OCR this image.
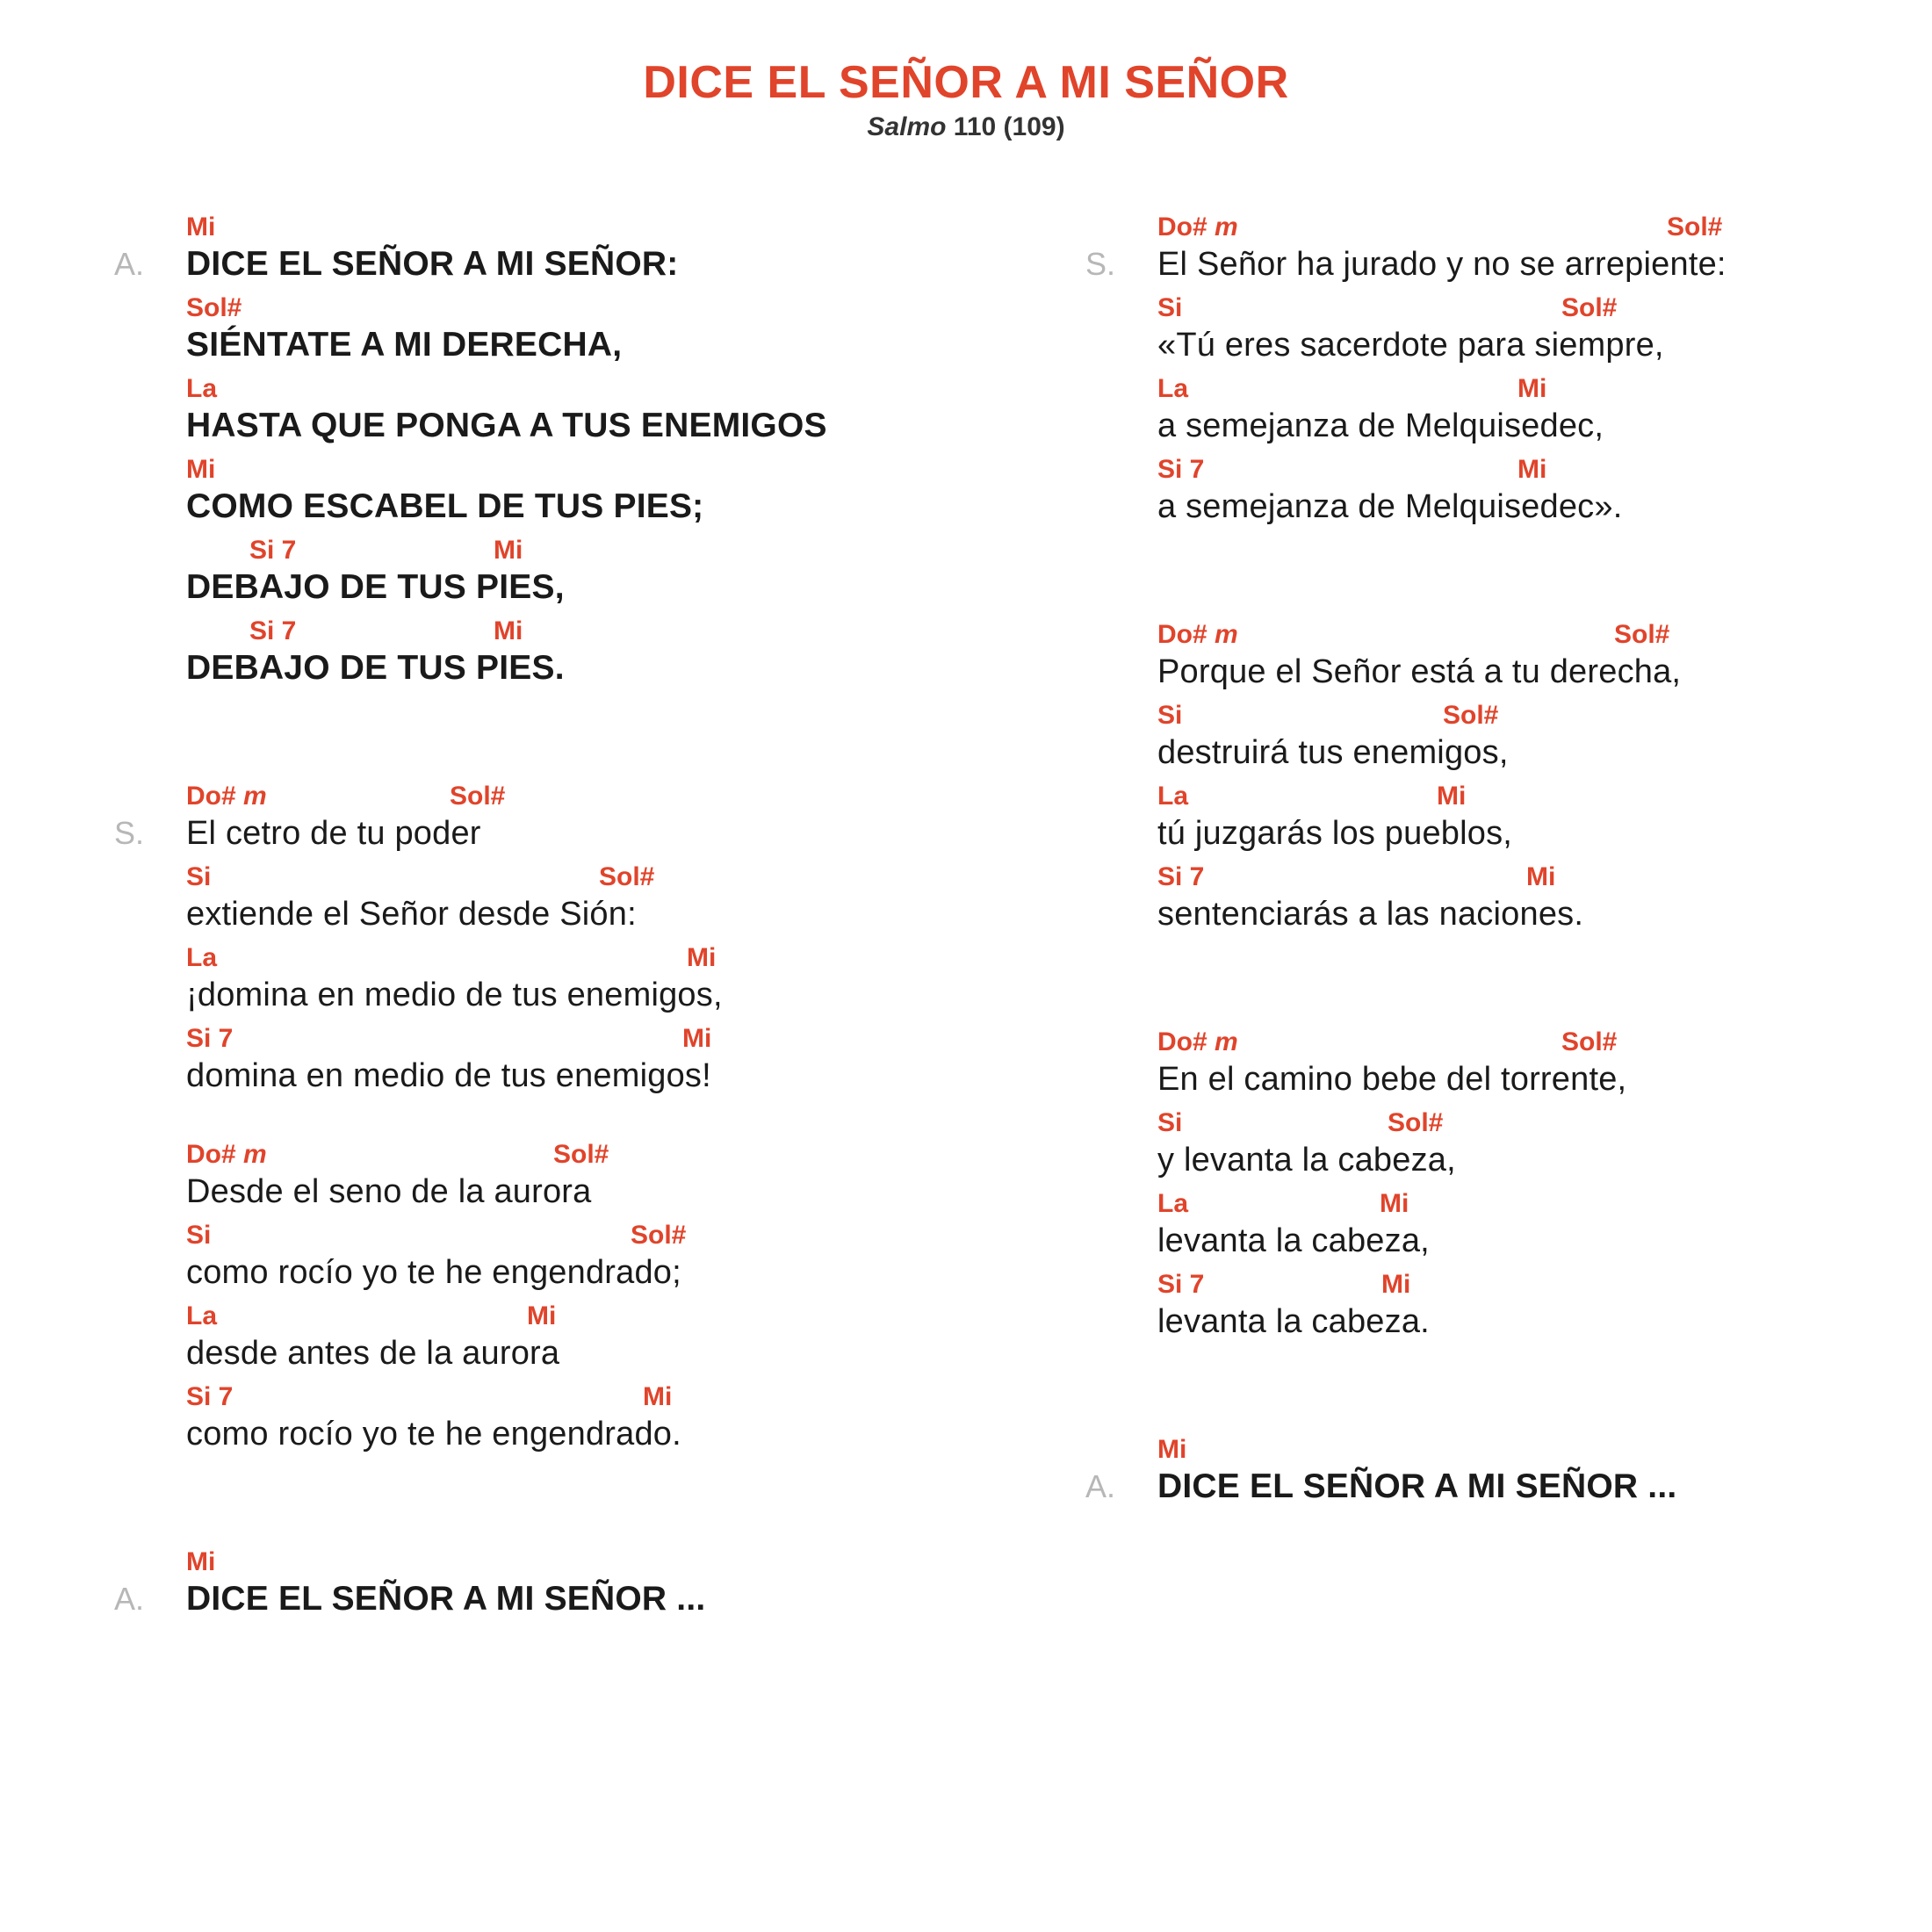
DICE EL SEÑOR A MI SEÑOR
Salmo 110 (109)
Mi
DICE EL SEÑOR A MI SEÑOR:
A.
Sol#
SIÉNTATE A MI DERECHA,
La
HASTA QUE PONGA A TUS ENEMIGOS
Mi
COMO ESCABEL DE TUS PIES;
Si 7	Mi
DEBAJO DE TUS PIES,
Si 7	Mi
DEBAJO DE TUS PIES.
Do# m	Sol#
El cetro de tu poder
S.
Si	Sol#
extiende el Señor desde Sión:
La	Mi
¡domina en medio de tus enemigos,
Si 7	Mi
domina en medio de tus enemigos!
Do# m	Sol#
Desde el seno de la aurora
Si	Sol#
como rocío yo te he engendrado;
La	Mi
desde antes de la aurora
Si 7	Mi
como rocío yo te he engendrado.
Mi
DICE EL SEÑOR A MI SEÑOR ...
A.
Do# m	Sol#
El Señor ha jurado y no se arrepiente:
S.
Si	Sol#
«Tú eres sacerdote para siempre,
La	Mi
a semejanza de Melquisedec,
Si 7	Mi
a semejanza de Melquisedec».
Do# m	Sol#
Porque el Señor está a tu derecha,
Si	Sol#
destruirá tus enemigos,
La	Mi
tú juzgarás los pueblos,
Si 7	Mi
sentenciarás a las naciones.
Do# m	Sol#
En el camino bebe del torrente,
Si	Sol#
y levanta la cabeza,
La	Mi
levanta la cabeza,
Si 7	Mi
levanta la cabeza.
Mi
DICE EL SEÑOR A MI SEÑOR ...
A.
